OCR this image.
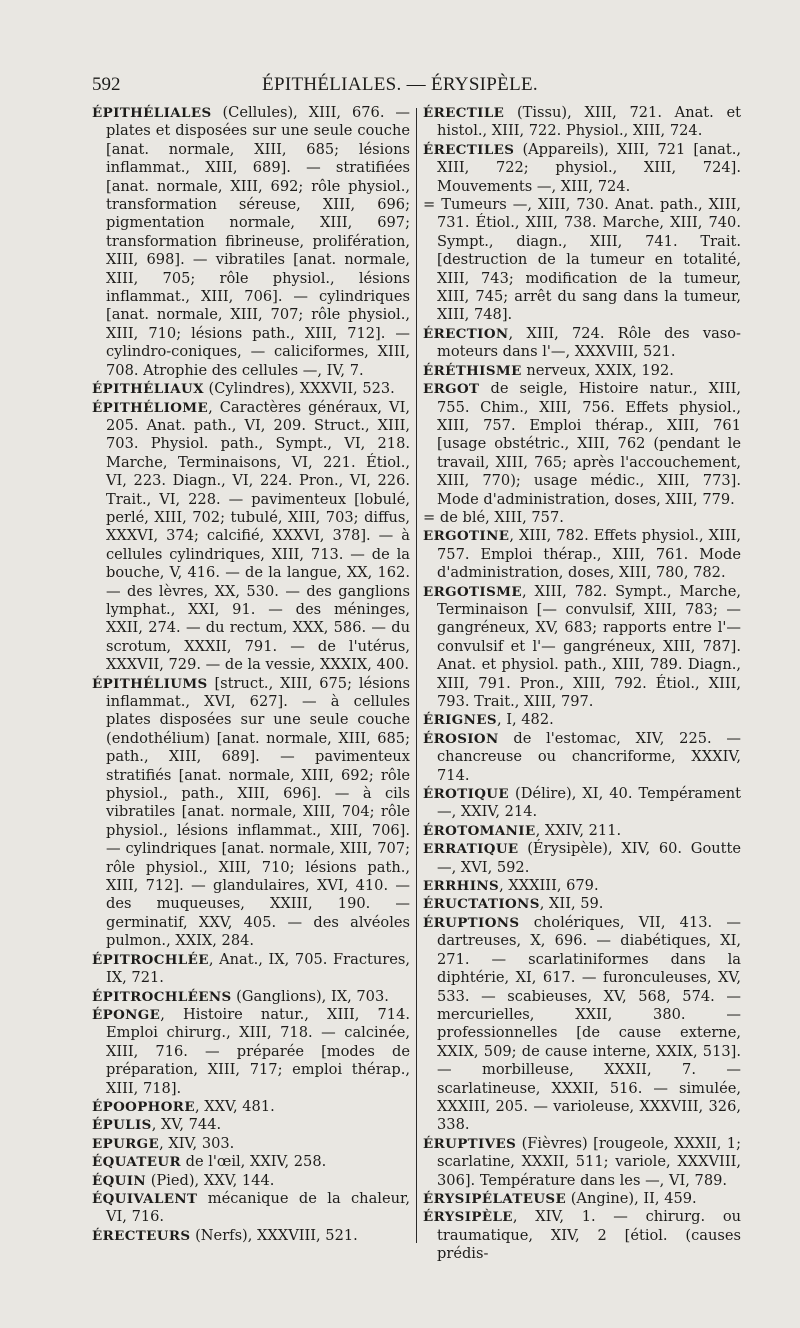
592	ÉPITHÉLIALES. — ÉRYSIPÈLE.
ÉPITHÉLIALES (Cellules), XIII, 676. — plates et disposées sur une seule couche [anat. normale, XIII, 685; lésions inflammat., XIII, 689]. — stratifiées [anat. normale, XIII, 692; rôle physiol., transformation séreuse, XIII, 696; pigmentation normale, XIII, 697; transformation fibrineuse, prolifération, XIII, 698]. — vibratiles [anat. normale, XIII, 705; rôle physiol., lésions inflammat., XIII, 706]. — cylindriques [anat. normale, XIII, 707; rôle physiol., XIII, 710; lésions path., XIII, 712]. — cylindro-coniques, — caliciformes, XIII, 708. Atrophie des cellules —, IV, 7.
ÉPITHÉLIAUX (Cylindres), XXXVII, 523.
ÉPITHÉLIOME, Caractères généraux, VI, 205. Anat. path., VI, 209. Struct., XIII, 703. Physiol. path., Sympt., VI, 218. Marche, Terminaisons, VI, 221. Étiol., VI, 223. Diagn., VI, 224. Pron., VI, 226. Trait., VI, 228. — pavimenteux [lobulé, perlé, XIII, 702; tubulé, XIII, 703; diffus, XXXVI, 374; calcifié, XXXVI, 378]. — à cellules cylindriques, XIII, 713. — de la bouche, V, 416. — de la langue, XX, 162. — des lèvres, XX, 530. — des ganglions lymphat., XXI, 91. — des méninges, XXII, 274. — du rectum, XXX, 586. — du scrotum, XXXII, 791. — de l'utérus, XXXVII, 729. — de la vessie, XXXIX, 400.
ÉPITHÉLIUMS [struct., XIII, 675; lésions inflammat., XVI, 627]. — à cellules plates disposées sur une seule couche (endothélium) [anat. normale, XIII, 685; path., XIII, 689]. — pavimenteux stratifiés [anat. normale, XIII, 692; rôle physiol., path., XIII, 696]. — à cils vibratiles [anat. normale, XIII, 704; rôle physiol., lésions inflammat., XIII, 706]. — cylindriques [anat. normale, XIII, 707; rôle physiol., XIII, 710; lésions path., XIII, 712]. — glandulaires, XVI, 410. — des muqueuses, XXIII, 190. — germinatif, XXV, 405. — des alvéoles pulmon., XXIX, 284.
ÉPITROCHLÉE, Anat., IX, 705. Fractures, IX, 721.
ÉPITROCHLÉENS (Ganglions), IX, 703.
ÉPONGE, Histoire natur., XIII, 714. Emploi chirurg., XIII, 718. — calcinée, XIII, 716. — préparée [modes de préparation, XIII, 717; emploi thérap., XIII, 718].
ÉPOOPHORE, XXV, 481.
ÉPULIS, XV, 744.
EPURGE, XIV, 303.
ÉQUATEUR de l'œil, XXIV, 258.
ÉQUIN (Pied), XXV, 144.
ÉQUIVALENT mécanique de la chaleur, VI, 716.
ÉRECTEURS (Nerfs), XXXVIII, 521.
ÉRECTILE (Tissu), XIII, 721. Anat. et histol., XIII, 722. Physiol., XIII, 724.
ÉRECTILES (Appareils), XIII, 721 [anat., XIII, 722; physiol., XIII, 724]. Mouvements —, XIII, 724.
= Tumeurs —, XIII, 730. Anat. path., XIII, 731. Étiol., XIII, 738. Marche, XIII, 740. Sympt., diagn., XIII, 741. Trait. [destruction de la tumeur en totalité, XIII, 743; modification de la tumeur, XIII, 745; arrêt du sang dans la tumeur, XIII, 748].
ÉRECTION, XIII, 724. Rôle des vaso-moteurs dans l'—, XXXVIII, 521.
ÉRÉTHISME nerveux, XXIX, 192.
ERGOT de seigle, Histoire natur., XIII, 755. Chim., XIII, 756. Effets physiol., XIII, 757. Emploi thérap., XIII, 761 [usage obstétric., XIII, 762 (pendant le travail, XIII, 765; après l'accouchement, XIII, 770); usage médic., XIII, 773]. Mode d'administration, doses, XIII, 779.
= de blé, XIII, 757.
ERGOTINE, XIII, 782. Effets physiol., XIII, 757. Emploi thérap., XIII, 761. Mode d'administration, doses, XIII, 780, 782.
ERGOTISME, XIII, 782. Sympt., Marche, Terminaison [— convulsif, XIII, 783; — gangréneux, XV, 683; rapports entre l'— convulsif et l'— gangréneux, XIII, 787]. Anat. et physiol. path., XIII, 789. Diagn., XIII, 791. Pron., XIII, 792. Étiol., XIII, 793. Trait., XIII, 797.
ÉRIGNES, I, 482.
ÉROSION de l'estomac, XIV, 225. — chancreuse ou chancriforme, XXXIV, 714.
ÉROTIQUE (Délire), XI, 40. Tempérament —, XXIV, 214.
ÉROTOMANIE, XXIV, 211.
ERRATIQUE (Érysipèle), XIV, 60. Goutte —, XVI, 592.
ERRHINS, XXXIII, 679.
ÉRUCTATIONS, XII, 59.
ÉRUPTIONS cholériques, VII, 413. — dartreuses, X, 696. — diabétiques, XI, 271. — scarlatiniformes dans la diphtérie, XI, 617. — furonculeuses, XV, 533. — scabieuses, XV, 568, 574. — mercurielles, XXII, 380. — professionnelles [de cause externe, XXIX, 509; de cause interne, XXIX, 513]. — morbilleuse, XXXII, 7. — scarlatineuse, XXXII, 516. — simulée, XXXIII, 205. — varioleuse, XXXVIII, 326, 338.
ÉRUPTIVES (Fièvres) [rougeole, XXXII, 1; scarlatine, XXXII, 511; variole, XXXVIII, 306]. Température dans les —, VI, 789.
ÉRYSIPÉLATEUSE (Angine), II, 459.
ÉRYSIPÈLE, XIV, 1. — chirurg. ou traumatique, XIV, 2 [étiol. (causes prédis-
